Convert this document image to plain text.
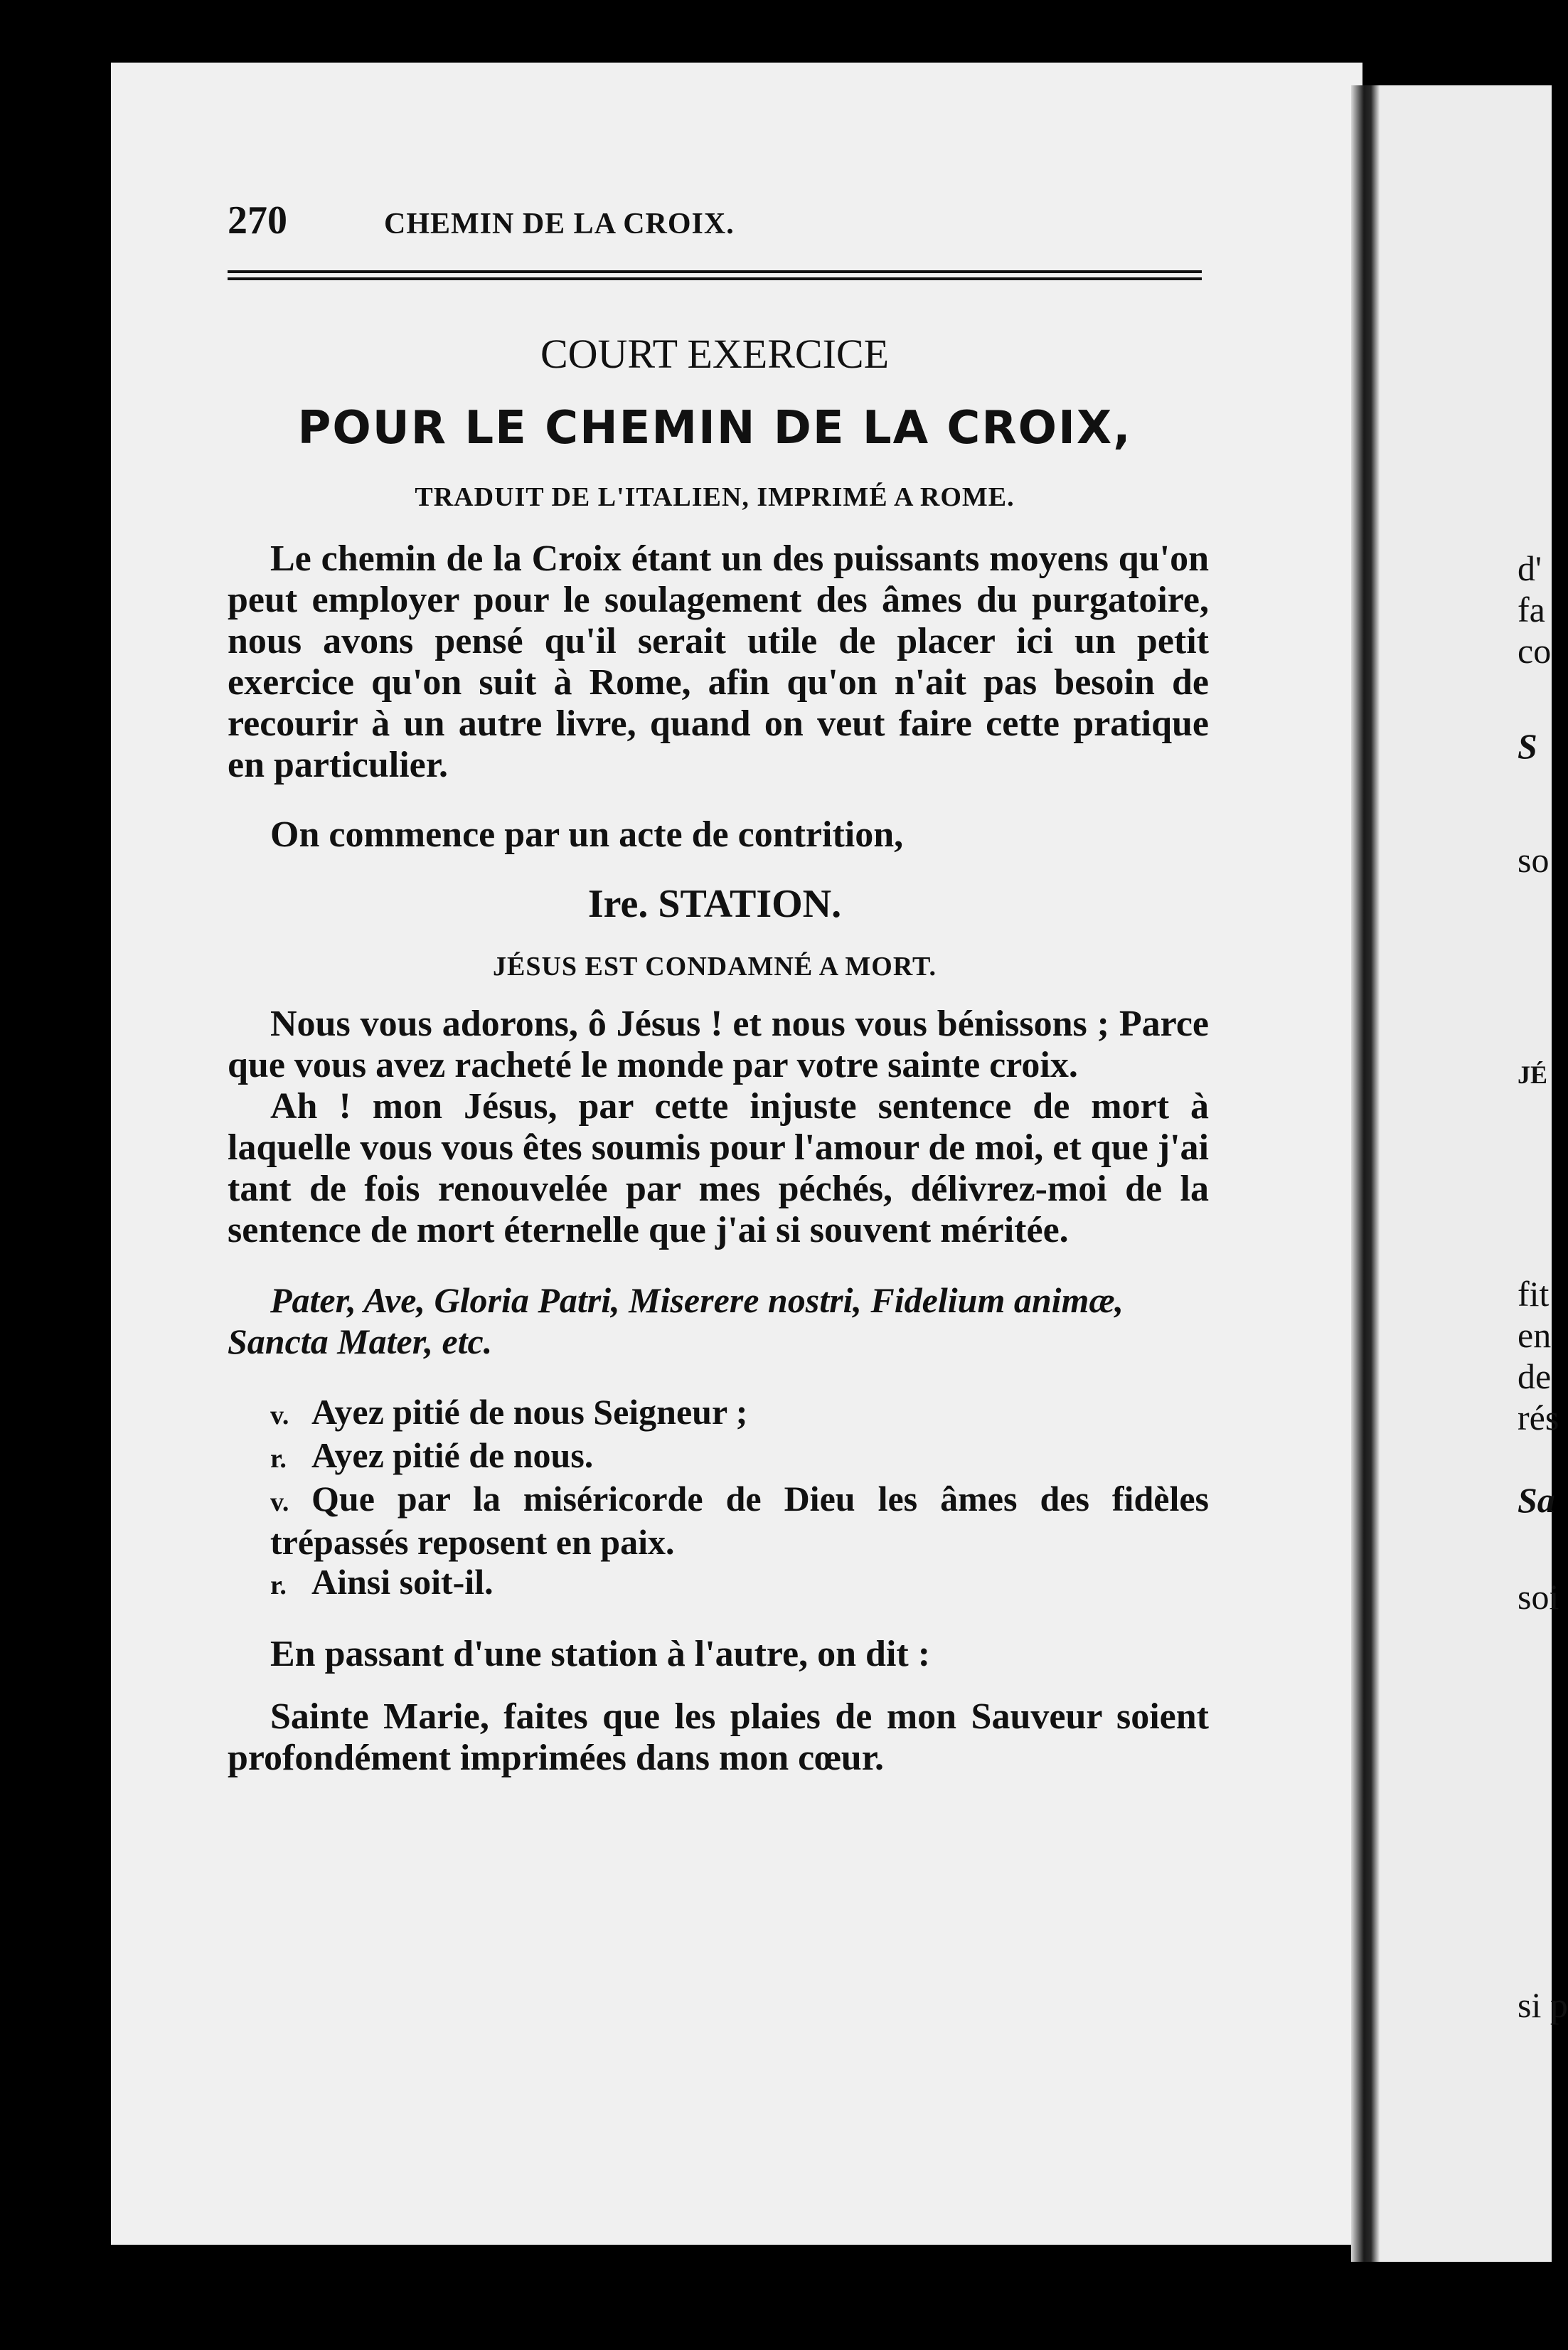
d'
fa
co
S
so
JÉ
fit
en
de
rés
Sa
soi
si p
270	CHEMIN DE LA CROIX.
COURT EXERCICE
POUR LE CHEMIN DE LA CROIX,
TRADUIT DE L'ITALIEN, IMPRIMÉ A ROME.

Le chemin de la Croix étant un des puissants moyens qu'on peut employer pour le soulagement des âmes du purgatoire, nous avons pensé qu'il serait utile de placer ici un petit exercice qu'on suit à Rome, afin qu'on n'ait pas besoin de recourir à un autre livre, quand on veut faire cette pratique en particulier.

On commence par un acte de contrition,

Ire. STATION.
JÉSUS EST CONDAMNÉ A MORT.

Nous vous adorons, ô Jésus ! et nous vous bénissons ; Parce que vous avez racheté le monde par votre sainte croix.

Ah ! mon Jésus, par cette injuste sentence de mort à laquelle vous vous êtes soumis pour l'amour de moi, et que j'ai tant de fois renouvelée par mes péchés, délivrez-moi de la sentence de mort éternelle que j'ai si souvent méritée.

Pater, Ave, Gloria Patri, Miserere nostri, Fidelium animæ, Sancta Mater, etc.

v. Ayez pitié de nous Seigneur ;
r. Ayez pitié de nous.
v. Que par la miséricorde de Dieu les âmes des fidèles trépassés reposent en paix.
r. Ainsi soit-il.

En passant d'une station à l'autre, on dit :

Sainte Marie, faites que les plaies de mon Sauveur soient profondément imprimées dans mon cœur.
